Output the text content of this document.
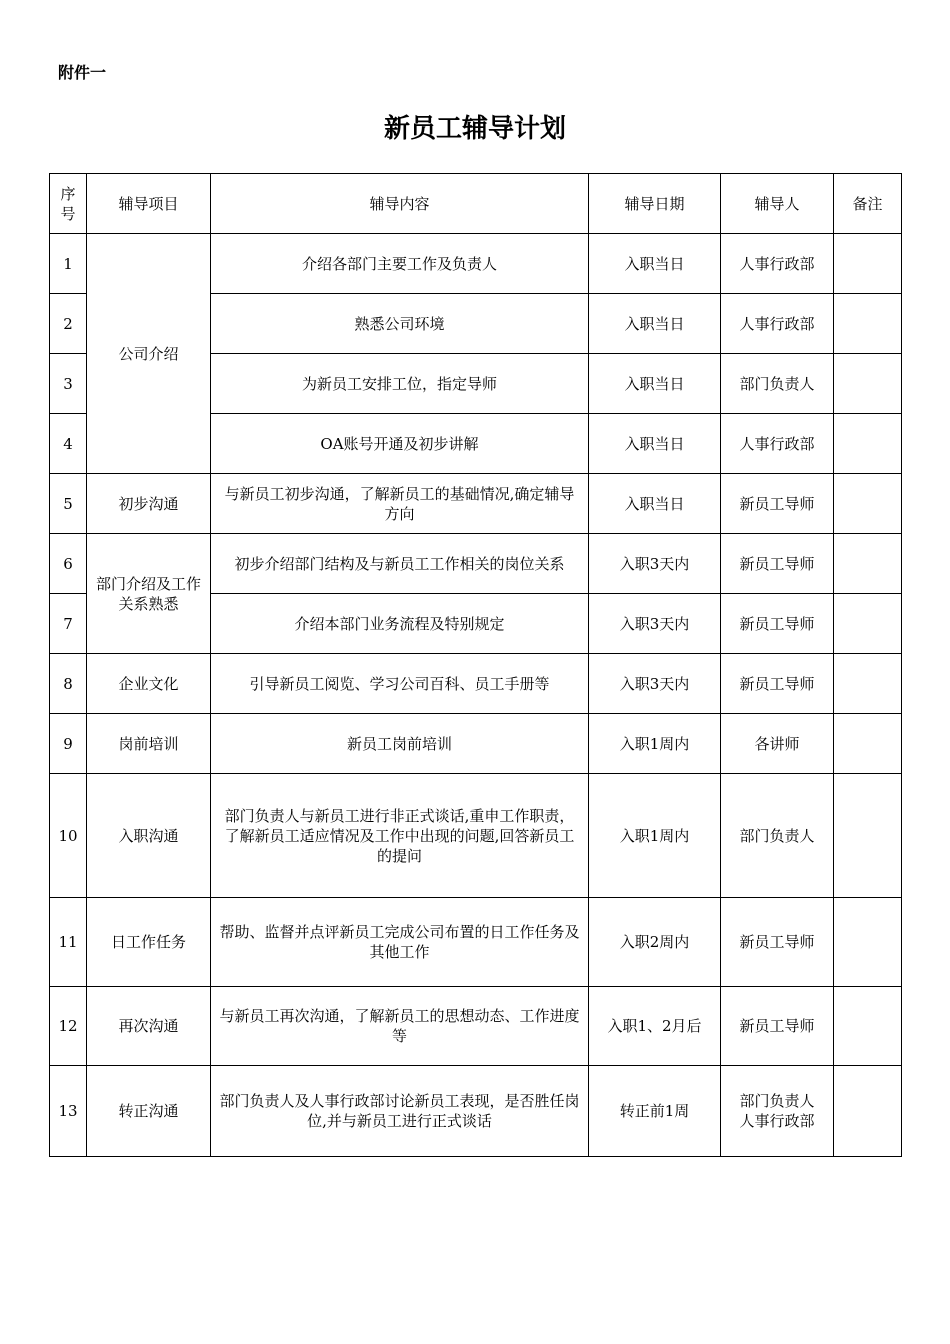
附件一
新员工辅导计划
序号	辅导项目	辅导内容	辅导日期	辅导人	备注
1	公司介绍	介绍各部门主要工作及负责人	入职当日	人事行政部	
2		熟悉公司环境	入职当日	人事行政部	
3		为新员工安排工位，指定导师	入职当日	部门负责人	
4		OA账号开通及初步讲解	入职当日	人事行政部	
5	初步沟通	与新员工初步沟通，了解新员工的基础情况,确定辅导方向	入职当日	新员工导师	
6	部门介绍及工作关系熟悉	初步介绍部门结构及与新员工工作相关的岗位关系	入职3天内	新员工导师	
7		介绍本部门业务流程及特别规定	入职3天内	新员工导师	
8	企业文化	引导新员工阅览、学习公司百科、员工手册等	入职3天内	新员工导师	
9	岗前培训	新员工岗前培训	入职1周内	各讲师	
10	入职沟通	部门负责人与新员工进行非正式谈话,重申工作职责，了解新员工适应情况及工作中出现的问题,回答新员工的提问	入职1周内	部门负责人	
11	日工作任务	帮助、监督并点评新员工完成公司布置的日工作任务及其他工作	入职2周内	新员工导师	
12	再次沟通	与新员工再次沟通，了解新员工的思想动态、工作进度等	入职1、2月后	新员工导师	
13	转正沟通	部门负责人及人事行政部讨论新员工表现，是否胜任岗位,并与新员工进行正式谈话	转正前1周	部门负责人
人事行政部	
